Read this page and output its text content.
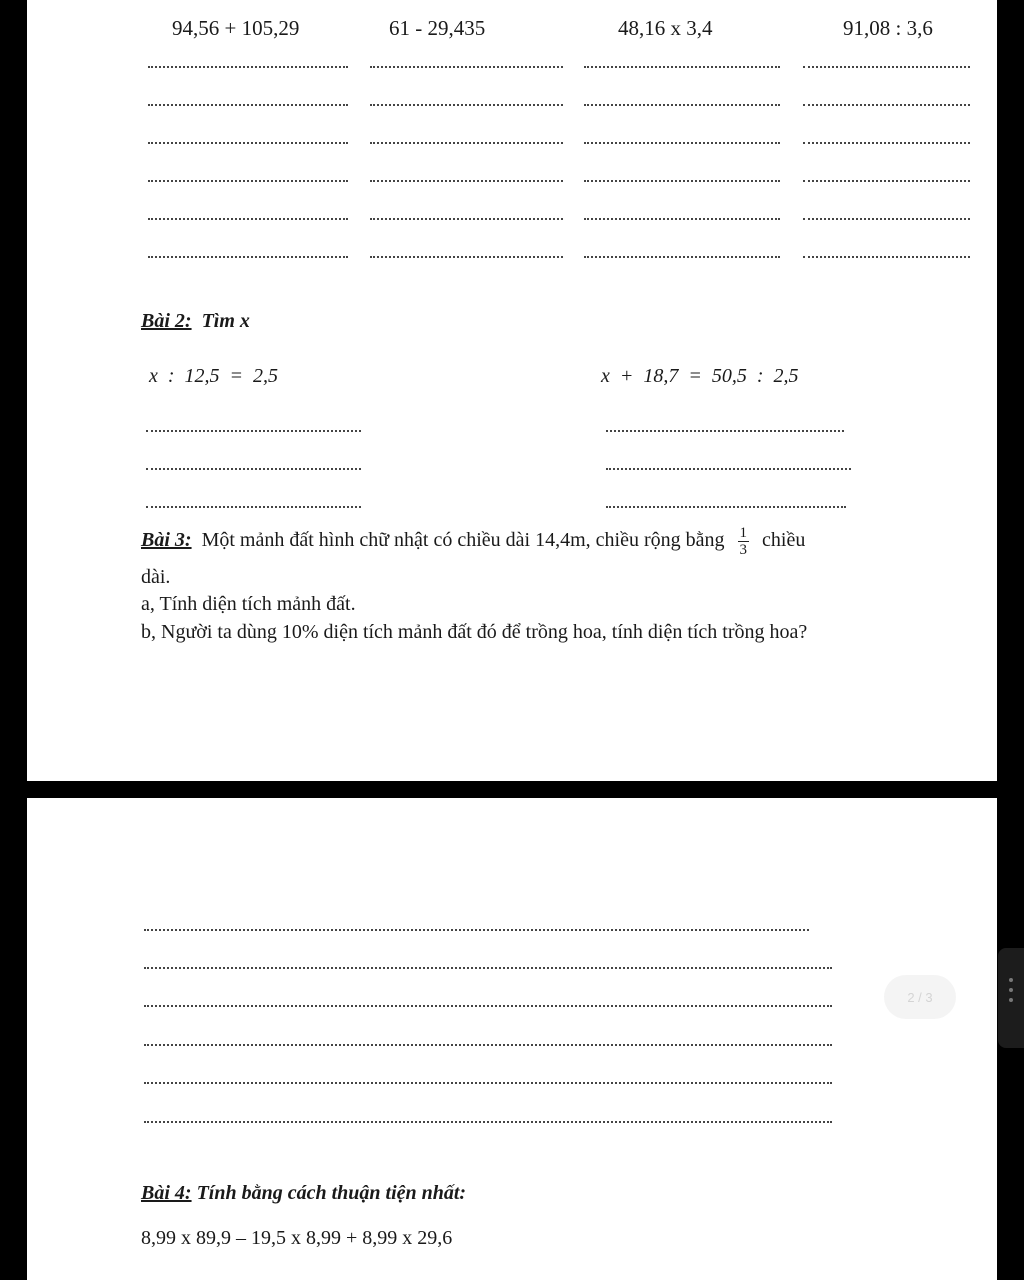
94,56 + 105,29	61 - 29,435	48,16 x 3,4	91,08 : 3,6
Bài 2: Tìm x
x  :  12,5  =  2,5	x  +  18,7  =  50,5  :  2,5
Bài 3: Một mảnh đất hình chữ nhật có chiều dài 14,4m, chiều rộng bằng $\frac{1}{3}$ chiều
dài.
a, Tính diện tích mảnh đất.
b, Người ta dùng 10% diện tích mảnh đất đó để trồng hoa, tính diện tích trồng hoa?
Bài 4: Tính bằng cách thuận tiện nhất:
8,99 x 89,9 – 19,5 x 8,99 + 8,99 x 29,6
2 / 3
